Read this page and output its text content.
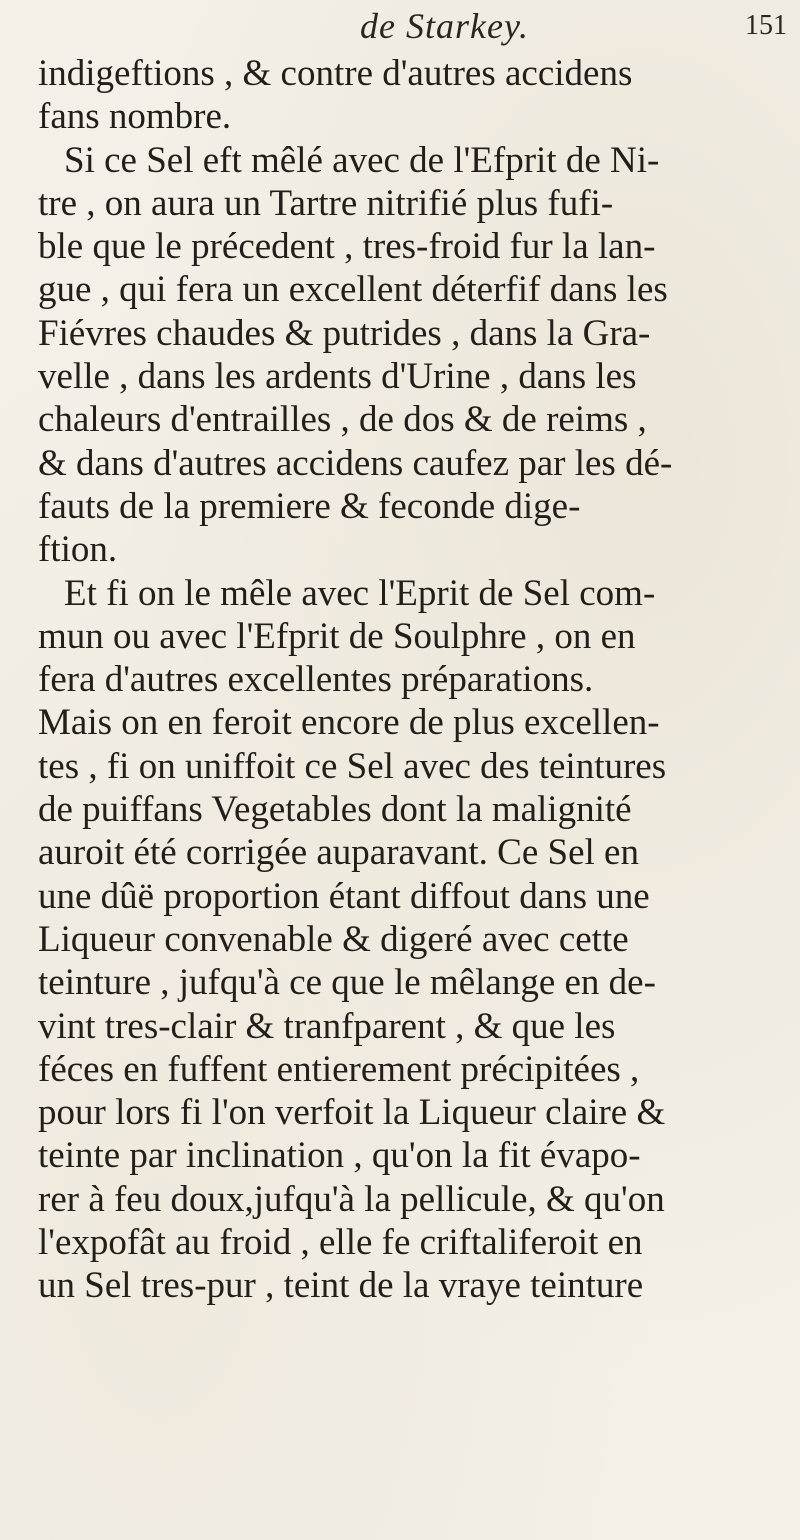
de Starkey.	151
indigeftions , & contre d'autres accidens
fans nombre.
Si ce Sel eft mêlé avec de l'Efprit de Ni-
tre , on aura un Tartre nitrifié plus fufi-
ble que le précedent , tres-froid fur la lan-
gue , qui fera un excellent déterfif dans les
Fiévres chaudes & putrides , dans la Gra-
velle , dans les ardents d'Urine , dans les
chaleurs d'entrailles , de dos & de reims ,
& dans d'autres accidens caufez par les dé-
fauts de la premiere & feconde dige-
ftion.
Et fi on le mêle avec l'Eprit de Sel com-
mun ou avec l'Efprit de Soulphre , on en
fera d'autres excellentes préparations.
Mais on en feroit encore de plus excellen-
tes , fi on uniffoit ce Sel avec des teintures
de puiffans Vegetables dont la malignité
auroit été corrigée auparavant. Ce Sel en
une dûë proportion étant diffout dans une
Liqueur convenable & digeré avec cette
teinture , jufqu'à ce que le mêlange en de-
vint tres-clair & tranfparent , & que les
féces en fuffent entierement précipitées ,
pour lors fi l'on verfoit la Liqueur claire &
teinte par inclination , qu'on la fit évapo-
rer à feu doux,jufqu'à la pellicule, & qu'on
l'expofât au froid , elle fe criftaliferoit en
un Sel tres-pur , teint de la vraye teinture
